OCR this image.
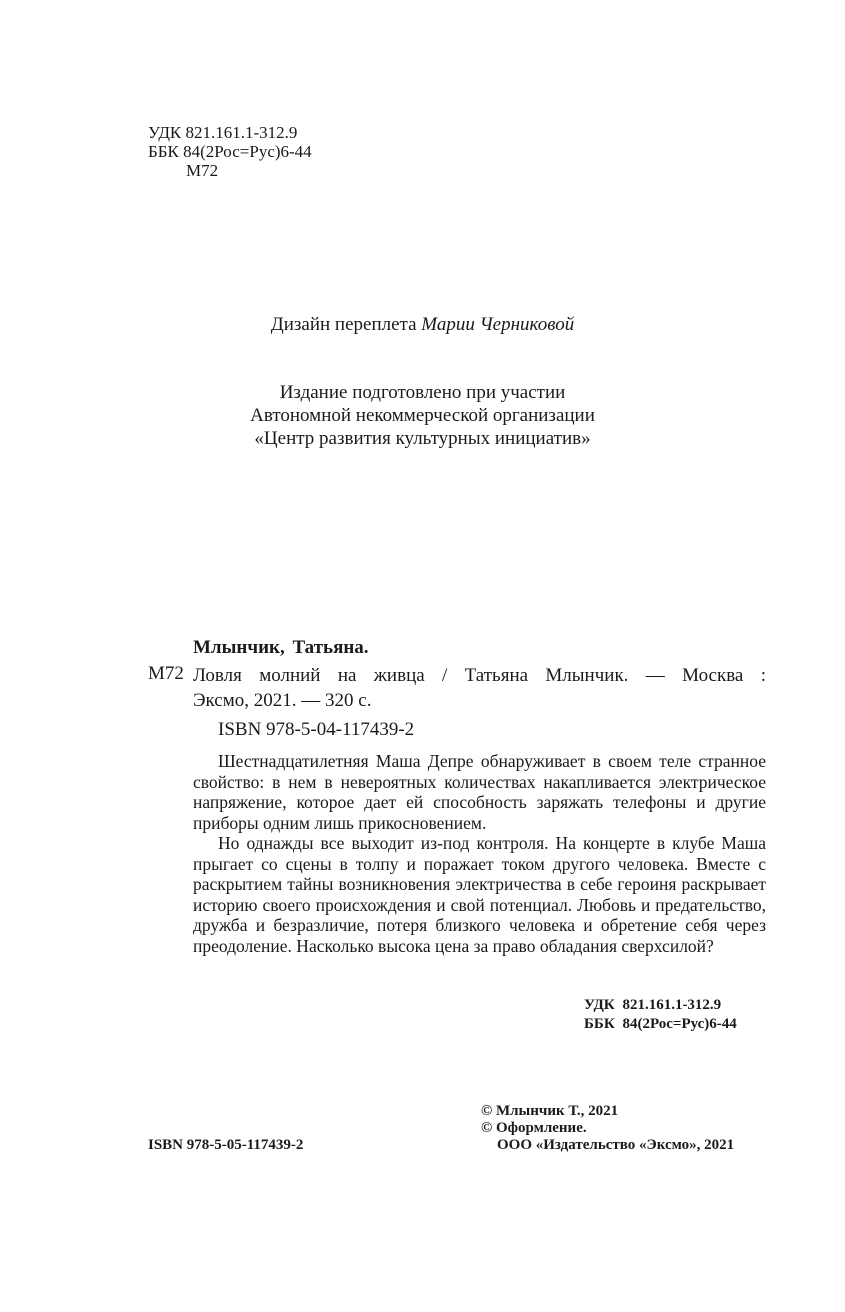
УДК 821.161.1-312.9
ББК 84(2Рос=Рус)6-44
М72
Дизайн переплета Марии Черниковой
Издание подготовлено при участии
Автономной некоммерческой организации
«Центр развития культурных инициатив»
Млынчик, Татьяна.
М72 Ловля молний на живца / Татьяна Млынчик. — Москва :
Эксмо, 2021. — 320 с.
ISBN 978-5-04-117439-2

Шестнадцатилетняя Маша Депре обнаруживает в своем теле странное свойство: в нем в невероятных количествах накапливается электрическое напряжение, которое дает ей способность заряжать телефоны и другие приборы одним лишь прикосновением.

Но однажды все выходит из-под контроля. На концерте в клубе Маша прыгает со сцены в толпу и поражает током другого человека. Вместе с раскрытием тайны возникновения электричества в себе героиня раскрывает историю своего происхождения и свой потенциал. Любовь и предательство, дружба и безразличие, потеря близкого человека и обретение себя через преодоление. Насколько высока цена за право обладания сверхсилой?

УДК 821.161.1-312.9
ББК 84(2Рос=Рус)6-44
ISBN 978-5-05-117439-2
© Млынчик Т., 2021
© Оформление.
ООО «Издательство «Эксмо», 2021
